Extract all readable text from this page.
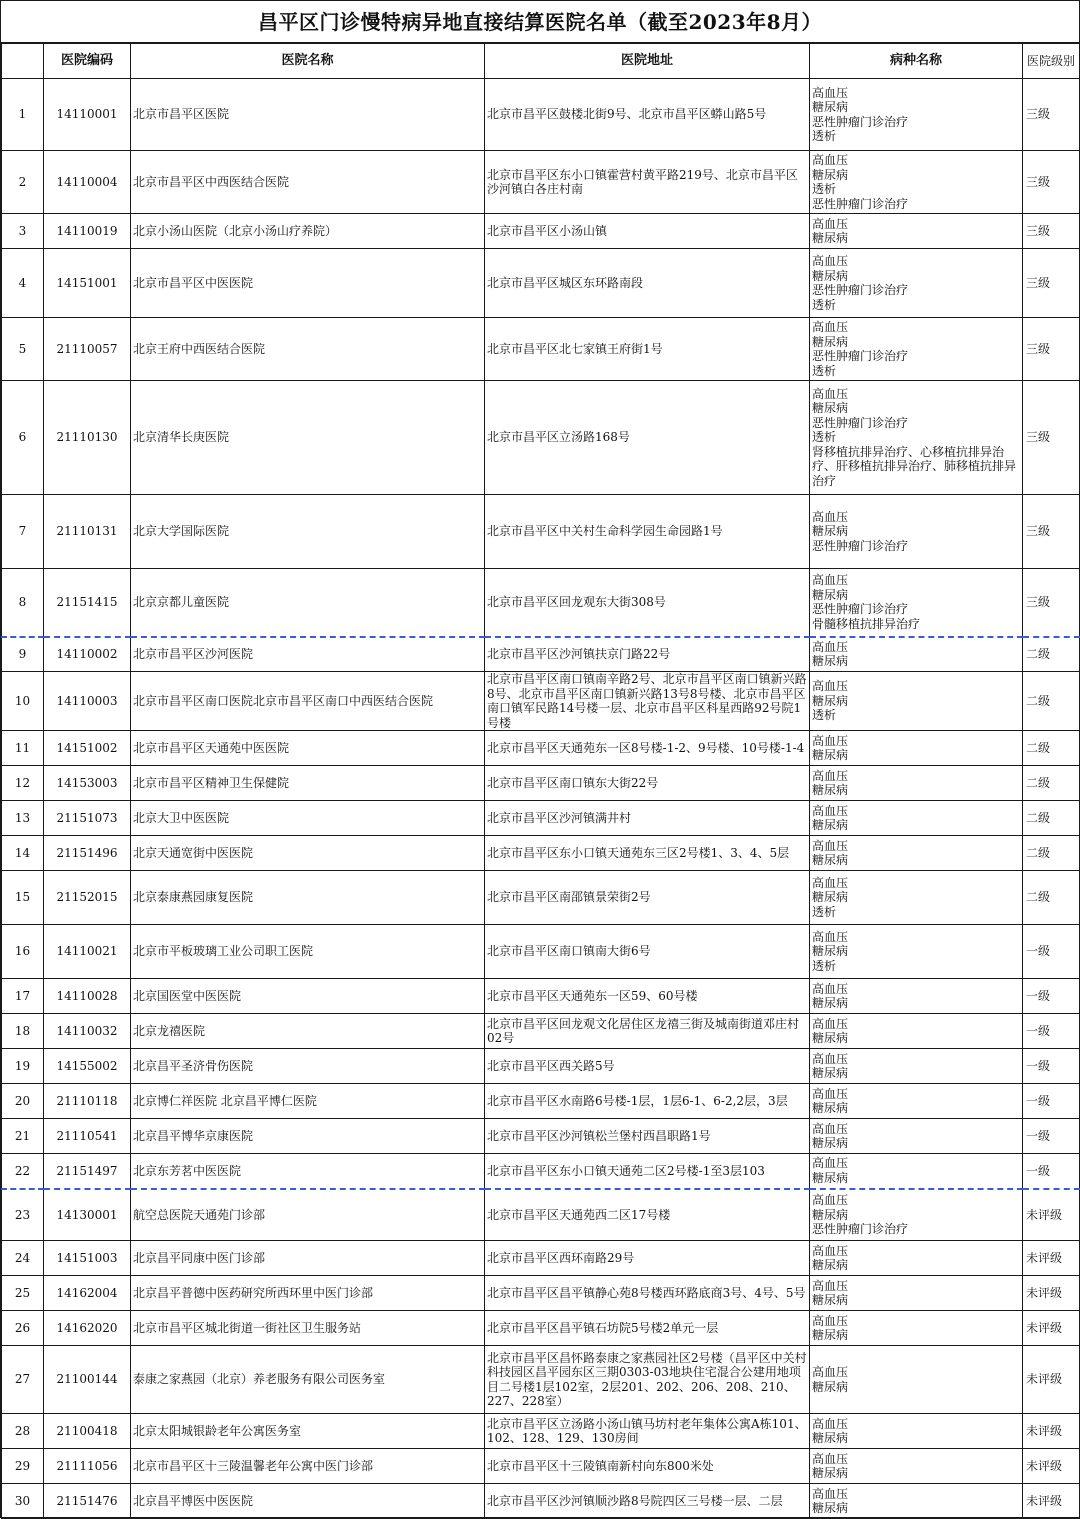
昌平区门诊慢特病异地直接结算医院名单（截至2023年8月）
	医院编码	医院名称	医院地址	病种名称	医院级别
1	14110001	北京市昌平区医院	北京市昌平区鼓楼北街9号、北京市昌平区蟒山路5号	高血压
糖尿病
恶性肿瘤门诊治疗
透析	三级
2	14110004	北京市昌平区中西医结合医院	北京市昌平区东小口镇霍营村黄平路219号、北京市昌平区沙河镇白各庄村南	高血压
糖尿病
透析
恶性肿瘤门诊治疗	三级
3	14110019	北京小汤山医院（北京小汤山疗养院）	北京市昌平区小汤山镇	高血压
糖尿病	三级
4	14151001	北京市昌平区中医医院	北京市昌平区城区东环路南段	高血压
糖尿病
恶性肿瘤门诊治疗
透析	三级
5	21110057	北京王府中西医结合医院	北京市昌平区北七家镇王府街1号	高血压
糖尿病
恶性肿瘤门诊治疗
透析	三级
6	21110130	北京清华长庚医院	北京市昌平区立汤路168号	高血压
糖尿病
恶性肿瘤门诊治疗
透析
肾移植抗排异治疗、心移植抗排异治疗、肝移植抗排异治疗、肺移植抗排异治疗	三级
7	21110131	北京大学国际医院	北京市昌平区中关村生命科学园生命园路1号	高血压
糖尿病
恶性肿瘤门诊治疗	三级
8	21151415	北京京都儿童医院	北京市昌平区回龙观东大街308号	高血压
糖尿病
恶性肿瘤门诊治疗
骨髓移植抗排异治疗	三级
9	14110002	北京市昌平区沙河医院	北京市昌平区沙河镇扶京门路22号	高血压
糖尿病	二级
10	14110003	北京市昌平区南口医院北京市昌平区南口中西医结合医院	北京市昌平区南口镇南辛路2号、北京市昌平区南口镇新兴路8号、北京市昌平区南口镇新兴路13号8号楼、北京市昌平区南口镇军民路14号楼一层、北京市昌平区科星西路92号院1号楼	高血压
糖尿病
透析	二级
11	14151002	北京市昌平区天通苑中医医院	北京市昌平区天通苑东一区8号楼-1-2、9号楼、10号楼-1-4	高血压
糖尿病	二级
12	14153003	北京市昌平区精神卫生保健院	北京市昌平区南口镇东大街22号	高血压
糖尿病	二级
13	21151073	北京大卫中医医院	北京市昌平区沙河镇满井村	高血压
糖尿病	二级
14	21151496	北京天通宽街中医医院	北京市昌平区东小口镇天通苑东三区2号楼1、3、4、5层	高血压
糖尿病	二级
15	21152015	北京泰康燕园康复医院	北京市昌平区南邵镇景荣街2号	高血压
糖尿病
透析	二级
16	14110021	北京市平板玻璃工业公司职工医院	北京市昌平区南口镇南大街6号	高血压
糖尿病
透析	一级
17	14110028	北京国医堂中医医院	北京市昌平区天通苑东一区59、60号楼	高血压
糖尿病	一级
18	14110032	北京龙禧医院	北京市昌平区回龙观文化居住区龙禧三街及城南街道邓庄村02号	高血压
糖尿病	一级
19	14155002	北京昌平圣济骨伤医院	北京市昌平区西关路5号	高血压
糖尿病	一级
20	21110118	北京博仁祥医院 北京昌平博仁医院	北京市昌平区水南路6号楼-1层，1层6-1、6-2,2层，3层	高血压
糖尿病	一级
21	21110541	北京昌平博华京康医院	北京市昌平区沙河镇松兰堡村西昌职路1号	高血压
糖尿病	一级
22	21151497	北京东芳茗中医医院	北京市昌平区东小口镇天通苑二区2号楼-1至3层103	高血压
糖尿病	一级
23	14130001	航空总医院天通苑门诊部	北京市昌平区天通苑西二区17号楼	高血压
糖尿病
恶性肿瘤门诊治疗	未评级
24	14151003	北京昌平同康中医门诊部	北京市昌平区西环南路29号	高血压
糖尿病	未评级
25	14162004	北京昌平普德中医药研究所西环里中医门诊部	北京市昌平区昌平镇静心苑8号楼西环路底商3号、4号、5号	高血压
糖尿病	未评级
26	14162020	北京市昌平区城北街道一街社区卫生服务站	北京市昌平区昌平镇石坊院5号楼2单元一层	高血压
糖尿病	未评级
27	21100144	泰康之家燕园（北京）养老服务有限公司医务室	北京市昌平区昌怀路泰康之家燕园社区2号楼（昌平区中关村科技园区昌平园东区三期0303-03地块住宅混合公建用地项目二号楼1层102室，2层201、202、206、208、210、227、228室）	高血压
糖尿病	未评级
28	21100418	北京太阳城银龄老年公寓医务室	北京市昌平区立汤路小汤山镇马坊村老年集体公寓A栋101、102、128、129、130房间	高血压
糖尿病	未评级
29	21111056	北京市昌平区十三陵温馨老年公寓中医门诊部	北京市昌平区十三陵镇南新村向东800米处	高血压
糖尿病	未评级
30	21151476	北京昌平博医中医医院	北京市昌平区沙河镇顺沙路8号院四区三号楼一层、二层	高血压
糖尿病	未评级
